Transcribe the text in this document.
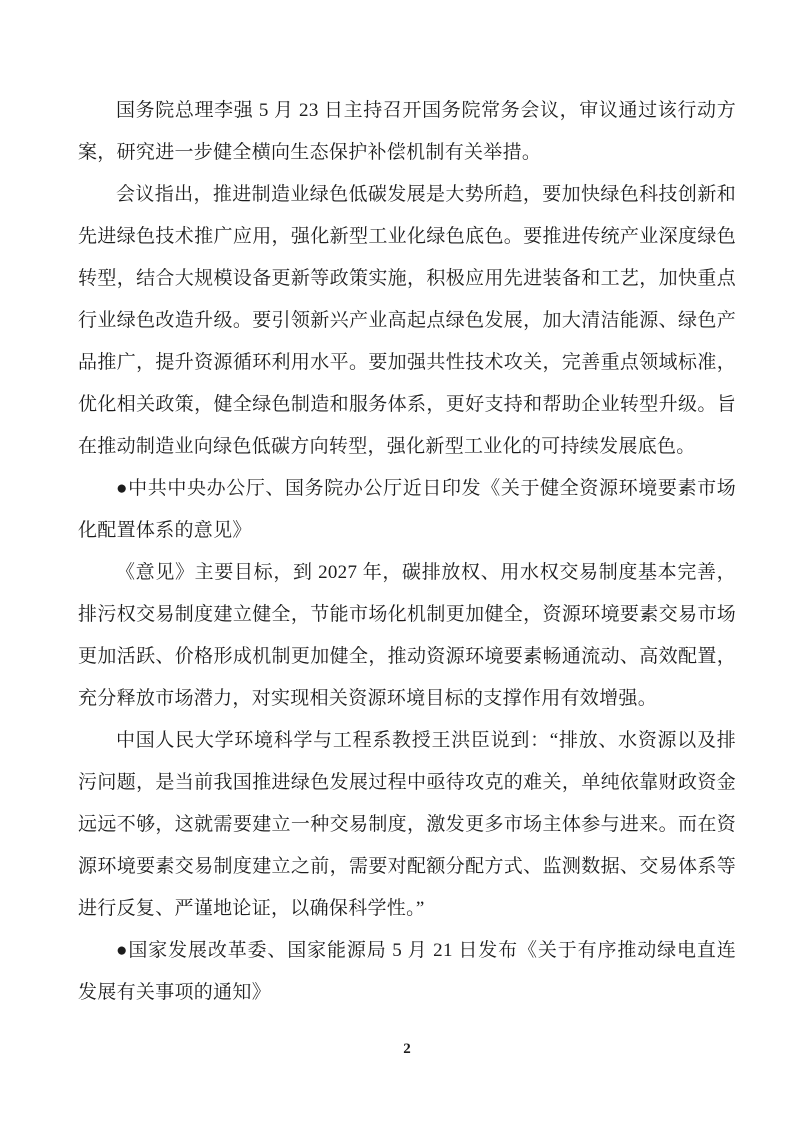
国务院总理李强 5 月 23 日主持召开国务院常务会议，审议通过该行动方案，研究进一步健全横向生态保护补偿机制有关举措。

会议指出，推进制造业绿色低碳发展是大势所趋，要加快绿色科技创新和先进绿色技术推广应用，强化新型工业化绿色底色。要推进传统产业深度绿色转型，结合大规模设备更新等政策实施，积极应用先进装备和工艺，加快重点行业绿色改造升级。要引领新兴产业高起点绿色发展，加大清洁能源、绿色产品推广，提升资源循环利用水平。要加强共性技术攻关，完善重点领域标准，优化相关政策，健全绿色制造和服务体系，更好支持和帮助企业转型升级。旨在推动制造业向绿色低碳方向转型，强化新型工业化的可持续发展底色。

●中共中央办公厅、国务院办公厅近日印发《关于健全资源环境要素市场化配置体系的意见》

《意见》主要目标，到 2027 年，碳排放权、用水权交易制度基本完善，排污权交易制度建立健全，节能市场化机制更加健全，资源环境要素交易市场更加活跃、价格形成机制更加健全，推动资源环境要素畅通流动、高效配置，充分释放市场潜力，对实现相关资源环境目标的支撑作用有效增强。

中国人民大学环境科学与工程系教授王洪臣说到：“排放、水资源以及排污问题，是当前我国推进绿色发展过程中亟待攻克的难关，单纯依靠财政资金远远不够，这就需要建立一种交易制度，激发更多市场主体参与进来。而在资源环境要素交易制度建立之前，需要对配额分配方式、监测数据、交易体系等进行反复、严谨地论证，以确保科学性。”

●国家发展改革委、国家能源局 5 月 21 日发布《关于有序推动绿电直连发展有关事项的通知》

2
